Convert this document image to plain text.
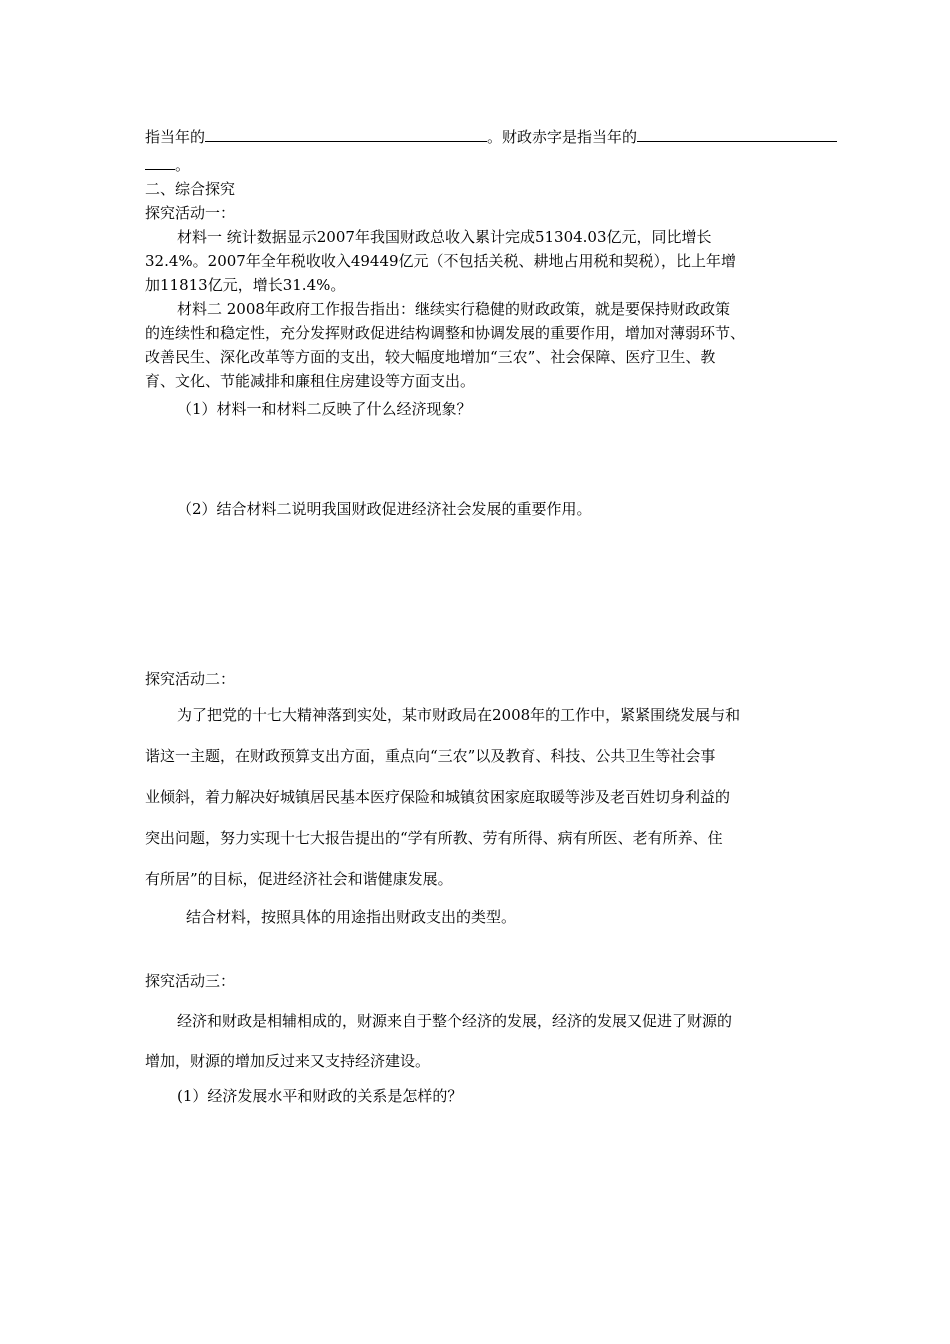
指当年的	。财政赤字是指当年的
。
二、综合探究
探究活动一：
材料一 统计数据显示2007年我国财政总收入累计完成51304.03亿元，同比增长
32.4%。2007年全年税收收入49449亿元（不包括关税、耕地占用税和契税），比上年增
加11813亿元，增长31.4%。
材料二 2008年政府工作报告指出：继续实行稳健的财政政策，就是要保持财政政策
的连续性和稳定性，充分发挥财政促进结构调整和协调发展的重要作用，增加对薄弱环节、
改善民生、深化改革等方面的支出，较大幅度地增加“三农”、社会保障、医疗卫生、教
育、文化、节能减排和廉租住房建设等方面支出。
（1）材料一和材料二反映了什么经济现象？
（2）结合材料二说明我国财政促进经济社会发展的重要作用。
探究活动二：
为了把党的十七大精神落到实处，某市财政局在2008年的工作中，紧紧围绕发展与和
谐这一主题，在财政预算支出方面，重点向“三农”以及教育、科技、公共卫生等社会事
业倾斜，着力解决好城镇居民基本医疗保险和城镇贫困家庭取暖等涉及老百姓切身利益的
突出问题，努力实现十七大报告提出的“学有所教、劳有所得、病有所医、老有所养、住
有所居”的目标，促进经济社会和谐健康发展。
结合材料，按照具体的用途指出财政支出的类型。
探究活动三：
经济和财政是相辅相成的，财源来自于整个经济的发展，经济的发展又促进了财源的
增加，财源的增加反过来又支持经济建设。
(1）经济发展水平和财政的关系是怎样的？
